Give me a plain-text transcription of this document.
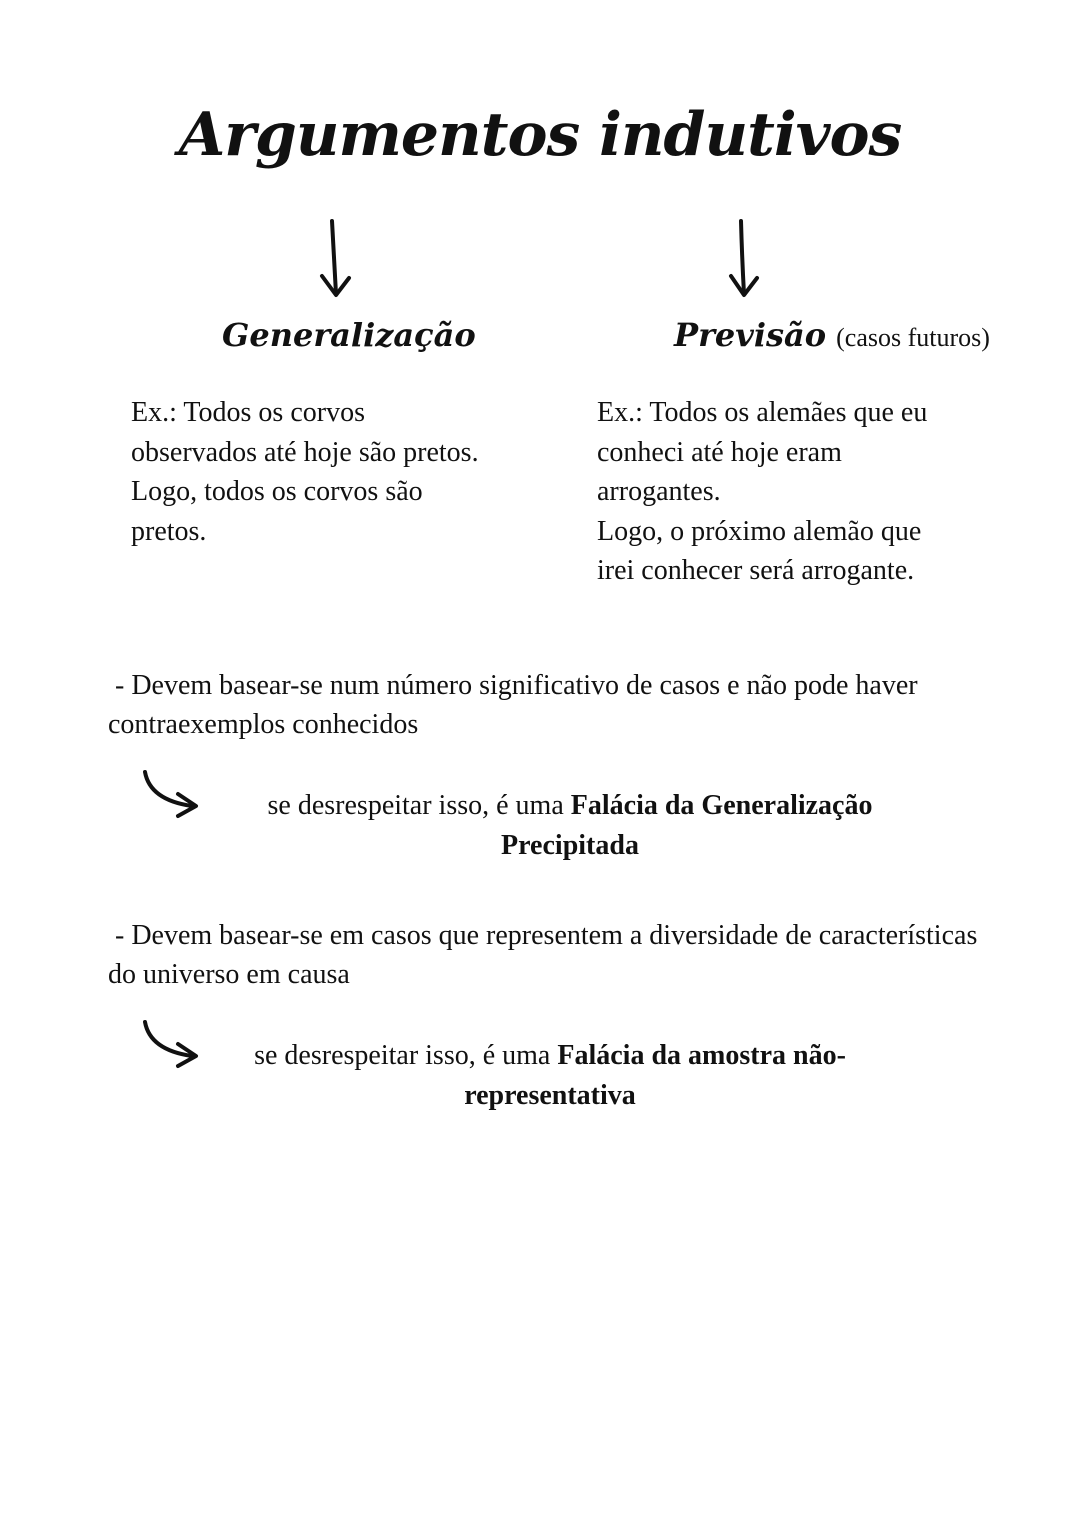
Argumentos indutivos
Generalização	Previsão (casos futuros)

Ex.: Todos os corvos

observados até hoje são pretos.

Logo, todos os corvos são

pretos.

Ex.: Todos os alemães que eu

conheci até hoje eram

arrogantes.

Logo, o próximo alemão que

irei conhecer será arrogante.

- Devem basear-se num número significativo de casos e não pode haver contraexemplos conhecidos
se desrespeitar isso, é uma Falácia da Generalização Precipitada
- Devem basear-se em casos que representem a diversidade de características do universo em causa
se desrespeitar isso, é uma Falácia da amostra não-representativa
